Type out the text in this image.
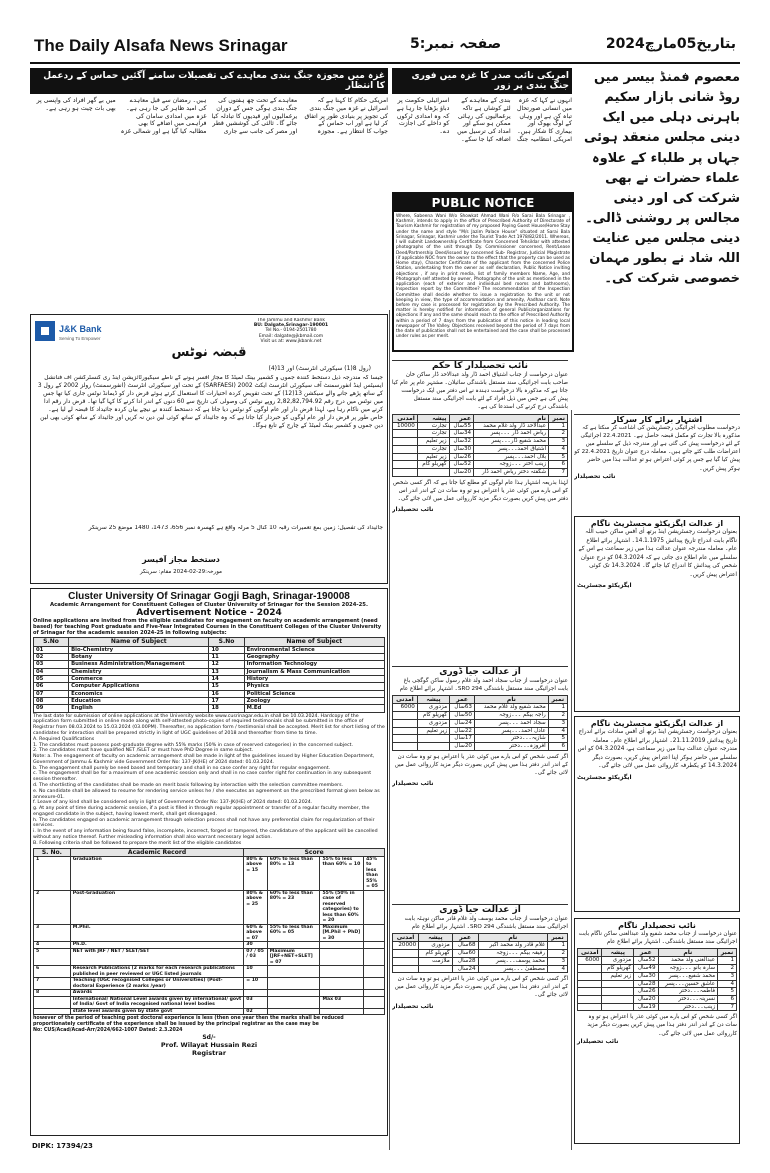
The Daily Alsafa News Srinagar	صفحہ نمبر:5	بتاریخ05مارچ2024
معصوم فمنڈ بیسر میں روڈ شانی بازار سکیم باہرنی دہلی میں ایک دینی مجلس منعقد ہوئی جہاں پر طلباء کے علاوہ علماء حضرات نے بھی شرکت کی اور دینی مجالس پر روشنی ڈالی۔دینی مجلس میں عنایت اللہ شاد نے بطور مہمان خصوصی شرکت کی۔
امریکی نائب صدر کا غزہ میں فوری جنگ بندی پر زور
انہوں نے کہا کہ غزہ میں انسانی صورتحال تباہ کن ہے اور وہاں کے لوگ بھوک اور بیماری کا شکار ہیں۔ امریکی انتظامیہ جنگ بندی کے معاہدے کے لئے کوشاں ہے تاکہ یرغمالیوں کی رہائی ممکن ہو سکے اور امداد کی ترسیل میں اضافہ کیا جا سکے۔ اسرائیلی حکومت پر دباؤ بڑھایا جا رہا ہے کہ وہ امدادی ٹرکوں کو داخلے کی اجازت دے۔
غزہ میں مجوزہ جنگ بندی معاہدے کی تفصیلات سامنے آگئیں حماس کے ردعمل کا انتظار
امریکی حکام کا کہنا ہے کہ اسرائیل نے غزہ میں جنگ بندی کی تجویز پر بنیادی طور پر اتفاق کر لیا ہے اور اب حماس کے جواب کا انتظار ہے۔ مجوزہ معاہدے کے تحت چھ ہفتوں کی جنگ بندی ہوگی جس کے دوران یرغمالیوں اور قیدیوں کا تبادلہ کیا جائے گا۔ ثالثی کی کوششیں قطر اور مصر کی جانب سے جاری ہیں۔ رمضان سے قبل معاہدے کی امید ظاہر کی جا رہی ہے۔ غزہ میں امدادی سامان کی فراہمی میں اضافے کا بھی مطالبہ کیا گیا ہے اور شمالی غزہ میں بے گھر افراد کی واپسی پر بھی بات چیت ہو رہی ہے۔
PUBLIC NOTICE
Where, Sabeena Wani W/o Showkat Ahmad Wani R/o Sarai Bala Srinagar , Kashmir, intends to apply in the office of Prescribed Authority of Directorate of Tourism Kashmir for registration of my proposed Paying Guest House/Home Stay under the name and style "M/s Jazim Palace House" situated at Sarai Bala Srinagar, Srinagar, Kashmir under the Tourist Trade Act 1978/82/2011. Whereas, I will submit Landownership Certificate from Concerned Tehsildar with attested photographs of the unit through Dy. Commissioner concerned, Rent/Lease Deed/Partnership Deed/issued by concerned Sub- Registrar, Judicial Magistrate (if applicable NOC from the owner to the effect that the property can be used as Home stay), Character Certificate of the applicant from the concerned Police Station, undertaking from the owner as self declaration, Public Notice inviting objections , if any in print media, list of family members Name, Age, and Photograph self attested by owner, Photographs of the unit as mentioned in the application (each of exterior and individual bed rooms and bathrooms), Inspection report by the Committee? The recommendation of the Inspection Committee shall decide whether to issue a registration to the unit or not keeping in view, the type of accommodation and amenity, Aadhaar card. Note before my case is processed for registration by the Prescribed Authority. The matter is hereby notified for information of general Public/organizations for objections if any and the same should reach to the office of Prescribed Authority within a period of 7 days from the publication of this notice in leading local newspaper of The Valley. Objections received beyond the period of 7 days from the date of publication shall not be entertained and the case shall be processed under rules as per merit.
J&K Bank
Serving To Empower
The Jammu and Kashmir Bank
BU: Dalgate,Srinagar-190001
Tel No.- 0194-2501780
Email: dalgate@jkbmail.com
Visit us at: www.jkbank.net
قبضہ نوٹس
(رول 8(1) سیکورٹی انٹرسٹ) اور 13(4)
جیسا کہ مندرجہ ذیل دستخط کنندہ جموں و کشمیر بینک لمیٹڈ کا مجاز افسر ہونے کے ناطے سیکیورٹائزیشن اینڈ ری کنسٹرکشن آف فنانشل ایسیٹس اینڈ انفورسمنٹ آف سیکورٹی انٹرسٹ ایکٹ 2002 (SARFAESI) کے تحت اور سیکورٹی انٹرسٹ (انفورسمنٹ) رولز 2002 کے رول 3 کے ساتھ پڑھے جانے والے سیکشن 13(12) کے تحت تفویض کردہ اختیارات کا استعمال کرتے ہوئے قرض دار کو ڈیمانڈ نوٹس جاری کیا تھا جس میں نوٹس میں درج رقم 2,82,82,794.92 روپے نوٹس کی وصولی کی تاریخ سے 60 دنوں کے اندر ادا کرنے کا کہا گیا تھا۔ قرض دار رقم ادا کرنے میں ناکام رہا ہے، لہذا قرض دار اور عام لوگوں کو نوٹس دیا جاتا ہے کہ دستخط کنندہ نے نیچے بیان کردہ جائیداد کا قبضہ لے لیا ہے۔ خاص طور پر قرض دار اور عام لوگوں کو خبردار کیا جاتا ہے کہ وہ جائیداد کے ساتھ کوئی لین دین نہ کریں اور جائیداد کے ساتھ کوئی بھی لین دین جموں و کشمیر بینک لمیٹڈ کے چارج کے تابع ہوگا۔
جائیداد کی تفصیل: زمین بمع تعمیرات رقبہ 10 کنال 5 مرلہ واقع ہے کھسرہ نمبر 656، 1473، 1480 موضع 25 سرینگر
دستخط مجاز آفیسر
مورخہ:29-02-2024 مقام: سرینگر
Cluster University Of Srinagar Gogji Bagh, Srinagar-190008
Academic Arrangement for Constituent Colleges of Cluster University of Srinagar for the Session 2024-25.
Advertisement Notice - 2024
Online applications are invited from the eligible candidates for engagement on faculty on academic arrangement (need based) for teaching Post graduate and Five-Year Integrated Courses in the Constituent Colleges of the Cluster University of Srinagar for the academic session 2024-25 in following subjects:
S.No	Name of Subject	S.No	Name of Subject
01	Bio-Chemistry	10	Environmental Science
02	Botany	11	Geography
03	Business Administration/Management	12	Information Technology
04	Chemistry	13	Journalism & Mass Communication
05	Commerce	14	History
06	Computer Applications	15	Physics
07	Economics	16	Political Science
08	Education	17	Zoology
09	English	18	M.Ed
The last date for submission of online applications at the University website www.cusrinagar.edu.in shall be 10.03.2024. Hardcopy of the application form submitted in online mode along with self-attested photo-copies of required testimonials shall be submitted in the office of Registrar from 08.03.2024 to 15.03.2024 (03.00PM). Thereafter, no application form / testimonial shall be accepted. Merit list for short listing of the candidates for interaction shall be prepared strictly in light of UGC guidelines of 2018 and thereafter from time to time.
A. Required Qualifications
1. The candidates must possess post-graduate degree with 55% marks (50% in case of reserved categories) in the concerned subject.
2. The candidates must have qualified NET /SLET or must have PhD Degree in same subject.
Note: a. The engagement of faculty on academic arrangement shall be made in light of the guidelines issued by Higher Education Department, Government of Jammu & Kashmir vide Government Order No: 137-JK(HE) of 2024 dated: 01.03.2024.
b. The engagement shall purely be need based and temporary and shall in no case confer any right for regular engagement.
c. The engagement shall be for a maximum of one academic session only and shall in no case confer right for continuation in any subsequent session thereafter.
d. The shortlisting of the candidates shall be made on merit basis following by interaction with the selection committee members.
e. No candidate shall be allowed to resume for rendering service unless he / she executes an agreement on the prescribed format given below as annexure-01.
f. Leave of any kind shall be considered only in light of Government Order No: 137-JK(HE) of 2024 dated: 01.03.2024.
g. At any point of time during academic session, if a post is filled in through regular appointment or transfer of a regular faculty member, the engaged candidate in the subject, having lowest merit, shall get disengaged.
h. The candidates engaged on academic arrangement through selection process shall not have any preferential claim for regularization of their services.
i. In the event of any information being found false, incomplete, incorrect, forged or tampered, the candidature of the applicant will be cancelled without any notice thereof. Further misleading information shall also warrant necessary legal action.
B. Following criteria shall be followed to prepare the merit list of the eligible candidates
S. No.	Academic Record	Score			
1	Graduation	80% & above = 15	60% to less than 80% = 13	55% to less than 60% = 10	45% to less than 55% = 05
2	Post-Graduation	80% & above = 25	60% to less than 80% = 23	55% (50% in case of reserved categories) to less than 60% = 20	
3	M.Phil.	60% & above = 07	55% to less than 60% = 05	Maximum [M.Phil + PhD] = 30	
4	Ph.D.	30			
5	NET with JRF / NET / SLET/SET	07 / 05 / 03	Maximum [JRF+NET+SLET] = 07		
6	Research Publications (2 marks for each research publications published in peer reviewed or UGC listed journals	10			
7	Teaching (UGC recognised Colleges or Universities) (Post-doctoral Experience (2 marks /year)	= 10			
8	Awards				
	International/ National Level awards given by international/ govt of India/ Govt of India recognised national level bodies	03		Max 03	
	state level awards given by state govt	02			
however of the period of teaching post doctoral experience is less (then one year then the marks shall be reduced proportionately certificate of the experience shall be issued by the principal registrar as the case may be
No: CUS/Acad/Acad-Arr/2024/662-1007 Dated: 2.3.2024
Sd/-
Prof. Wilayat Hussain Rezi
Registrar
DIPK: 17394/23
نائب تحصیلدار کا حکم
عنوان درخواست از جناب اشتیاق احمد ڈار ولد عبدالاحد ڈار ساکن خان صاحب بابت اجرائیگی سند مستقل باشندگی سائیلان۔ مشتہر عام پر عام کیا جاتا ہے کہ مذکورہ بالا درخواست دہندہ نے اس دفتر میں ایک درخواست پیش کی ہے جس میں ذیل افراد کے لئے بابت اجرائیگی سند مستقل باشندگی درج کرنے کی استدعا کی ہے۔
نمبر	نام	عمر	پیشہ	آمدنی
1	عبدالاحد ڈار ولد غلام محمد	55سال	تجارت	10000
2	ریاض احمد ڈار ۔۔۔پسر	34سال	تجارت	
3	محمد شفیع ڈار۔۔۔پسر	32سال	زیر تعلیم	
4	اشتیاق احمد۔۔۔پسر	30سال	تجارت	
5	بلال احمد۔۔۔پسر	26سال	زیر تعلیم	
6	زینب اختر ۔۔۔زوجہ	52سال	گھریلو کام	
7	شگفتہ دختر ریاض احمد ڈار	20سال		
لہٰذا بذریعہ اشتہار ہذا عام لوگوں کو مطلع کیا جاتا ہے کہ اگر کسی شخص کو اس بارے میں کوئی عذر یا اعتراض ہو تو وہ سات دن کے اندر اندر اس دفتر میں پیش کریں بصورت دیگر مزید کارروائی عمل میں لائی جائے گی۔
نائب تحصیلدار
از عدالت جیا ڈوری
عنوان درخواست از جناب سجاد احمد ولد غلام رسول ساکن گوگجی باغ بابت اجرائیگی سند مستقل باشندگی SRO 294۔ اشتہار برائے اطلاع عام
نمبر	نام	عمر	پیشہ	آمدنی
1	محمد شفیع ولد غلام محمد	63سال	مزدوری	6000
2	راجہ بیگم ۔۔۔زوجہ	50سال	گھریلو کام	
3	سجاد احمد ۔۔۔پسر	24سال	مزدوری	
4	عادل احمد۔۔۔پسر	22سال	زیر تعلیم	
5	شازیہ۔۔۔دختر	17سال		
6	افروزہ۔۔۔دختر	20سال		
اگر کسی شخص کو اس بارے میں کوئی عذر یا اعتراض ہو تو وہ سات دن کے اندر اندر دفتر ہذا میں پیش کریں بصورت دیگر مزید کارروائی عمل میں لائی جائے گی۔
نائب تحصیلدار
از عدالت جیا ڈوری
عنوان درخواست از جناب محمد یوسف ولد غلام قادر ساکن نوہٹہ بابت اجرائیگی سند مستقل باشندگی SRO 294۔ اشتہار برائے اطلاع عام
نمبر	نام	عمر	پیشہ	آمدنی
1	غلام قادر ولد محمد اکبر	68سال	مزدوری	20000
2	رفیقہ بیگم ۔۔۔زوجہ	60سال	گھریلو کام	
3	محمد یوسف۔۔۔پسر	28سال	ملازمت	
4	مصطفیٰ ۔۔۔پسر	24سال		
اگر کسی شخص کو اس بارے میں کوئی عذر یا اعتراض ہو تو وہ سات دن کے اندر اندر دفتر ہذا میں پیش کریں بصورت دیگر مزید کارروائی عمل میں لائی جائے گی۔
نائب تحصیلدار
اشتہار برائے کار سرکار
درخواست مطلوب اجرائیگی رجسٹریشن کی اشاعت کر سکتا ہے کہ مذکورہ بالا تجارت کو مکمل قبضہ حاصل ہے۔ 22.4.2021 اجرائیگی کے لئے درخواست پیش کی گئی ہے اور مندرجہ ذیل کے سلسلے میں اعتراضات طلب کئے جاتے ہیں۔ معاملہ درج عنوان تاریخ 22.4.2021 کو پیش کیا گیا ہے جس پر کوئی اعتراض ہو تو عدالت ہذا میں حاضر ہوکر پیش کریں۔
نائب تحصیلدار
از عدالت ایگزیکٹو مجسٹریٹ ناگام
بعنوان درخواست رجسٹریشن اینڈ برتھ ای آفس ساکن حبیب اللہ ناگام بابت اندراج تاریخ پیدائش 14.1.1975۔ اشتہار برائے اطلاع عام۔ معاملہ مندرجہ عنوان عدالت ہذا میں زیر سماعت ہے اس کے سلسلے میں عام اطلاع دی جاتی ہے کہ 04.3.2024 کو درج عنوان شخص کی پیدائش کا اندراج کیا جائے گا۔ 14.3.2024 تک کوئی اعتراض پیش کریں۔
ایگزیکٹو مجسٹریٹ
از عدالت ایگزیکٹو مجسٹریٹ ناگام
بعنوان درخواست رجسٹریشن اینڈ برتھ ای آفس سادات برائے اندراج تاریخ پیدائش 21.11.2019۔ اشتہار برائے اطلاع عام۔ معاملہ مندرجہ عنوان عدالت ہذا میں زیر سماعت ہے، 04.3.2024 کو اس سلسلے میں حاضر ہوکر اپنا اعتراض پیش کریں، بصورت دیگر 14.3.2024 کو یکطرفہ کارروائی عمل میں لائی جائے گی۔
ایگزیکٹو مجسٹریٹ
نائب تحصیلدار ناگام
عنوان درخواست از جناب محمد شفیع ولد عبدالغنی ساکن ناگام بابت اجرائیگی سند مستقل باشندگی۔ اشتہار برائے اطلاع عام
نمبر	نام	عمر	پیشہ	آمدنی
1	عبدالغنی ولد محمد	52سال	مزدوری	6000
2	سارہ بانو ۔۔۔زوجہ	49سال	گھریلو کام	
3	محمد شفیع۔۔۔پسر	30سال	زیر تعلیم	
4	عاشق حسین۔۔۔پسر	28سال		
5	فاطمہ۔۔۔دختر	26سال		
6	نسرینہ۔۔۔دختر	20سال		
7	زینب۔۔۔دختر	19سال		
اگر کسی شخص کو اس بارے میں کوئی عذر یا اعتراض ہو تو وہ سات دن کے اندر اندر دفتر ہذا میں پیش کریں بصورت دیگر مزید کارروائی عمل میں لائی جائے گی۔
نائب تحصیلدار
